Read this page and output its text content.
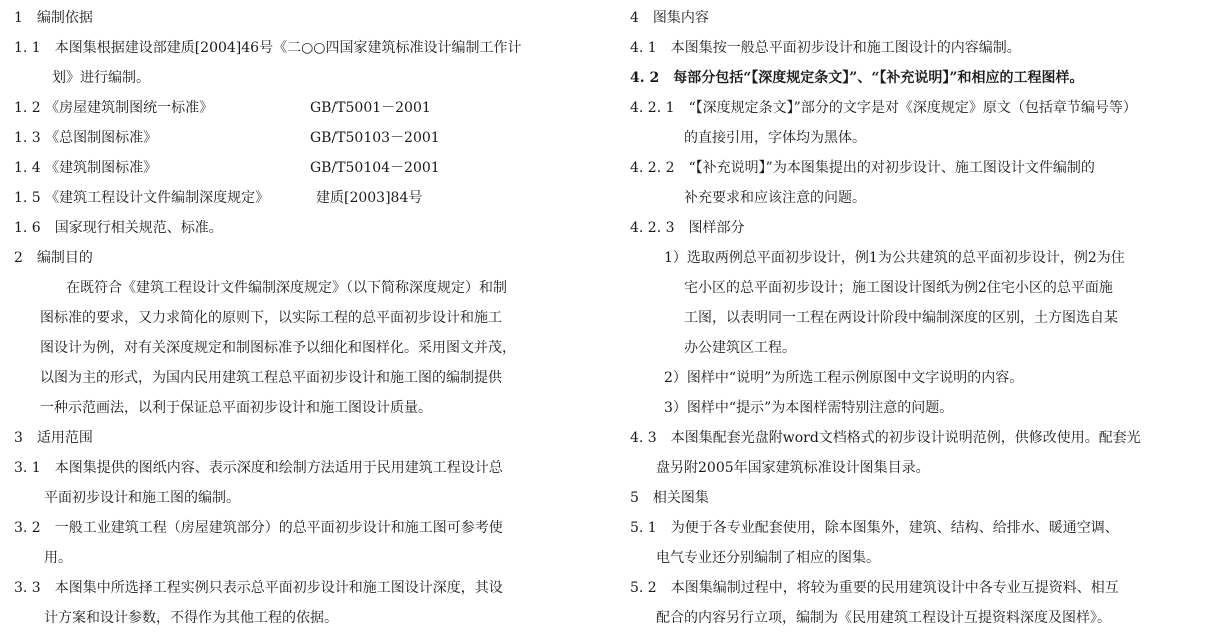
1　编制依据
1. 1　本图集根据建设部建质[2004]46号《二○○四国家建筑标准设计编制工作计
划》进行编制。
1. 2 《房屋建筑制图统一标准》	GB/T5001－2001
1. 3 《总图制图标准》	GB/T50103－2001
1. 4 《建筑制图标准》	GB/T50104－2001
1. 5 《建筑工程设计文件编制深度规定》	建质[2003]84号
1. 6　国家现行相关规范、标准。
2　编制目的
在既符合《建筑工程设计文件编制深度规定》（以下简称深度规定）和制
图标准的要求，又力求简化的原则下，以实际工程的总平面初步设计和施工
图设计为例，对有关深度规定和制图标准予以细化和图样化。采用图文并茂，
以图为主的形式，为国内民用建筑工程总平面初步设计和施工图的编制提供
一种示范画法，以利于保证总平面初步设计和施工图设计质量。
3　适用范围
3. 1　本图集提供的图纸内容、表示深度和绘制方法适用于民用建筑工程设计总
平面初步设计和施工图的编制。
3. 2　一般工业建筑工程（房屋建筑部分）的总平面初步设计和施工图可参考使
用。
3. 3　本图集中所选择工程实例只表示总平面初步设计和施工图设计深度，其设
计方案和设计参数，不得作为其他工程的依据。
4　图集内容
4. 1　本图集按一般总平面初步设计和施工图设计的内容编制。
4. 2　每部分包括“【深度规定条文】”、“【补充说明】”和相应的工程图样。
4. 2. 1　“【深度规定条文】”部分的文字是对《深度规定》原文（包括章节编号等）
的直接引用，字体均为黑体。
4. 2. 2　“【补充说明】”为本图集提出的对初步设计、施工图设计文件编制的
补充要求和应该注意的问题。
4. 2. 3　图样部分
1）选取两例总平面初步设计，例1为公共建筑的总平面初步设计，例2为住
宅小区的总平面初步设计；施工图设计图纸为例2住宅小区的总平面施
工图，以表明同一工程在两设计阶段中编制深度的区别，土方图选自某
办公建筑区工程。
2）图样中“说明”为所选工程示例原图中文字说明的内容。
3）图样中“提示”为本图样需特别注意的问题。
4. 3　本图集配套光盘附word文档格式的初步设计说明范例，供修改使用。配套光
盘另附2005年国家建筑标准设计图集目录。
5　相关图集
5. 1　为便于各专业配套使用，除本图集外，建筑、结构、给排水、暖通空调、
电气专业还分别编制了相应的图集。
5. 2　本图集编制过程中，将较为重要的民用建筑设计中各专业互提资料、相互
配合的内容另行立项，编制为《民用建筑工程设计互提资料深度及图样》。
